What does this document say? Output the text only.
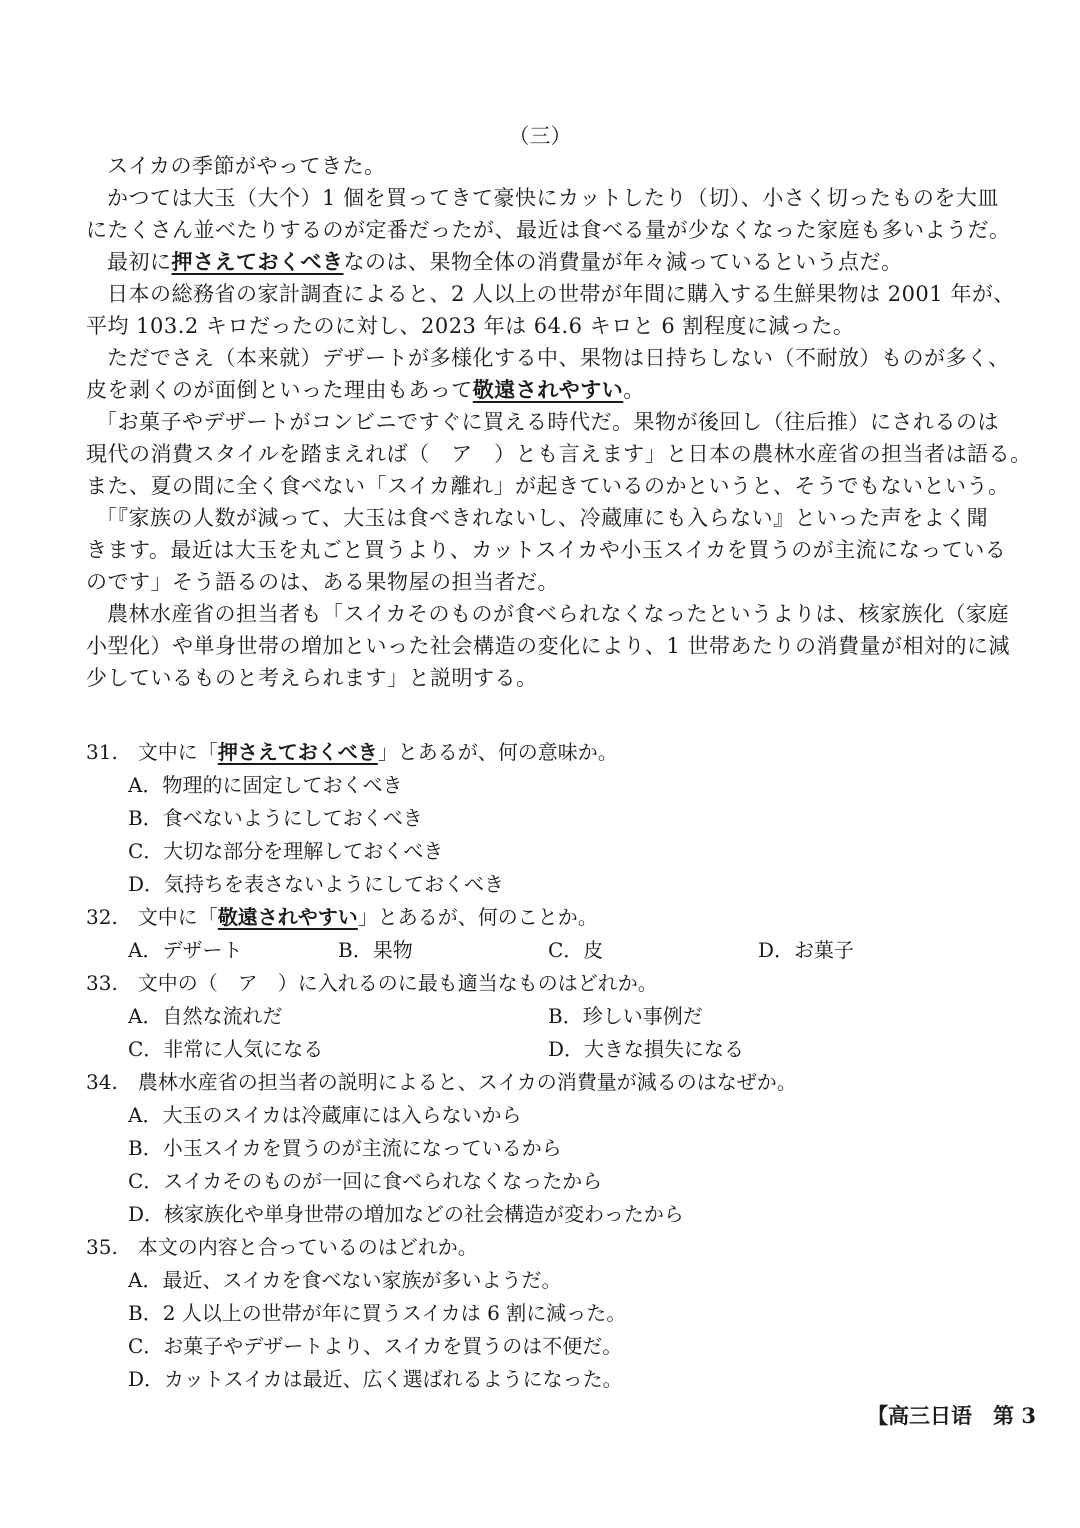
（三）
スイカの季節がやってきた。
かつては大玉（大个）1 個を買ってきて豪快にカットしたり（切）、小さく切ったものを大皿
にたくさん並べたりするのが定番だったが、最近は食べる量が少なくなった家庭も多いようだ。
最初に押さえておくべきなのは、果物全体の消費量が年々減っているという点だ。
日本の総務省の家計調査によると、2 人以上の世帯が年間に購入する生鮮果物は 2001 年が、
平均 103.2 キロだったのに対し、2023 年は 64.6 キロと 6 割程度に減った。
ただでさえ（本来就）デザートが多様化する中、果物は日持ちしない（不耐放）ものが多く、
皮を剥くのが面倒といった理由もあって敬遠されやすい。
「お菓子やデザートがコンビニですぐに買える時代だ。果物が後回し（往后推）にされるのは
現代の消費スタイルを踏まえれば（　ア　）とも言えます」と日本の農林水産省の担当者は語る。
また、夏の間に全く食べない「スイカ離れ」が起きているのかというと、そうでもないという。
「『家族の人数が減って、大玉は食べきれないし、冷蔵庫にも入らない』といった声をよく聞
きます。最近は大玉を丸ごと買うより、カットスイカや小玉スイカを買うのが主流になっている
のです」そう語るのは、ある果物屋の担当者だ。
農林水産省の担当者も「スイカそのものが食べられなくなったというよりは、核家族化（家庭
小型化）や単身世帯の増加といった社会構造の変化により、1 世帯あたりの消費量が相対的に減
少しているものと考えられます」と説明する。
31.　文中に「押さえておくべき」とあるが、何の意味か。
A．物理的に固定しておくべき
B．食べないようにしておくべき
C．大切な部分を理解しておくべき
D．気持ちを表さないようにしておくべき
32.　文中に「敬遠されやすい」とあるが、何のことか。
A．デザート	B．果物	C．皮	D．お菓子
33.　文中の（　ア　）に入れるのに最も適当なものはどれか。
A．自然な流れだ	B．珍しい事例だ
C．非常に人気になる	D．大きな損失になる
34.　農林水産省の担当者の説明によると、スイカの消費量が減るのはなぜか。
A．大玉のスイカは冷蔵庫には入らないから
B．小玉スイカを買うのが主流になっているから
C．スイカそのものが一回に食べられなくなったから
D．核家族化や単身世帯の増加などの社会構造が変わったから
35.　本文の内容と合っているのはどれか。
A．最近、スイカを食べない家族が多いようだ。
B．2 人以上の世帯が年に買うスイカは 6 割に減った。
C．お菓子やデザートより、スイカを買うのは不便だ。
D．カットスイカは最近、広く選ばれるようになった。
【高三日语　第 3
